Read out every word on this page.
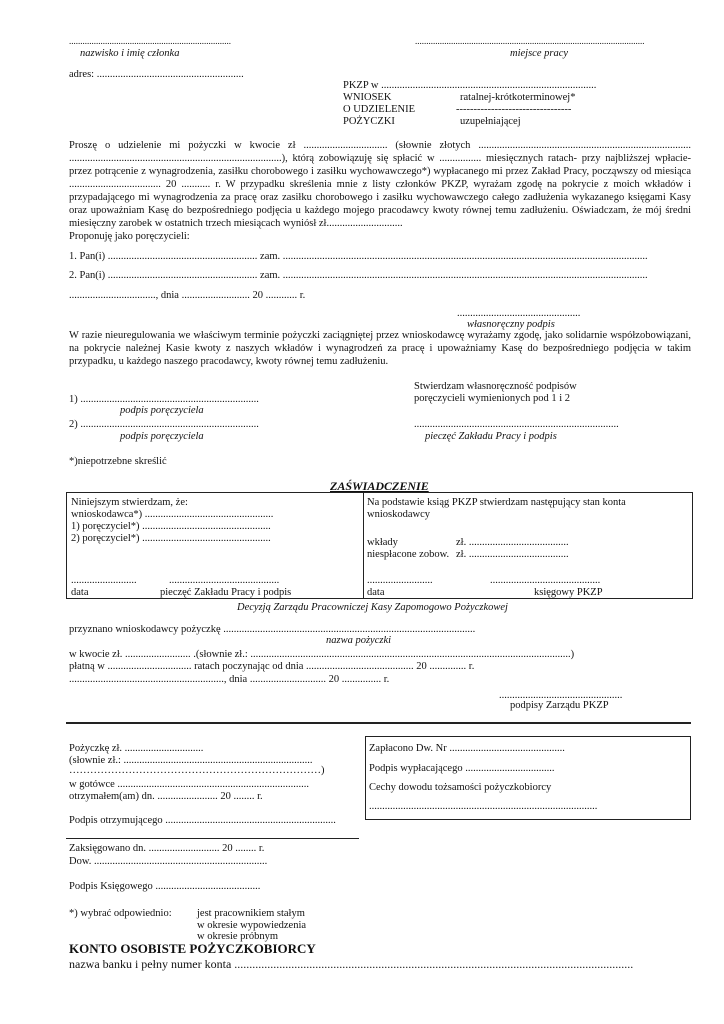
........................................................................	......................................................................................................
nazwisko i imię członka	miejsce pracy
adres: ........................................................
PKZP w ..................................................................................
WNIOSEK	ratalnej-krótkoterminowej*
O UDZIELENIE	---------------------------------
POŻYCZKI	uzupełniającej
Proszę o udzielenie mi pożyczki w kwocie zł ................................ (słownie złotych ................................................................................. .................................................................................), którą zobowiązuję się spłacić w ................ miesięcznych ratach- przy najbliższej wpłacie- przez potrącenie z wynagrodzenia, zasiłku chorobowego i zasiłku wychowawczego*) wypłacanego mi przez Zakład Pracy, począwszy od miesiąca ................................... 20 ........... r. W przypadku skreślenia mnie z listy członków PKZP, wyrażam zgodę na pokrycie z moich wkładów i przypadającego mi wynagrodzenia za pracę oraz zasiłku chorobowego i zasiłku wychowawczego całego zadłużenia wykazanego księgami Kasy oraz upoważniam Kasę do bezpośredniego podjęcia u każdego mojego pracodawcy kwoty równej temu zadłużeniu. Oświadczam, że mój średni miesięczny zarobek w ostatnich trzech miesiącach wyniósł zł.............................
Proponuję jako poręczycieli:
1. Pan(i) ......................................................... zam. ...........................................................................................................................................
2. Pan(i) ......................................................... zam. ...........................................................................................................................................
................................., dnia .......................... 20 ............ r.
...............................................
własnoręczny podpis
W razie nieuregulowania we właściwym terminie pożyczki zaciągniętej przez wnioskodawcę wyrażamy zgodę, jako solidarnie współzobowiązani, na pokrycie należnej Kasie kwoty z naszych wkładów i wynagrodzeń za pracę i upoważniamy Kasę do bezpośredniego podjęcia w takim przypadku, u każdego naszego pracodawcy, kwoty równej temu zadłużeniu.
Stwierdzam własnoręczność podpisów
poręczycieli wymienionych pod 1 i 2
1) ....................................................................
podpis poręczyciela
2) ....................................................................	..............................................................................
podpis poręczyciela	pieczęć Zakładu Pracy i podpis
*)niepotrzebne skreślić
ZAŚWIADCZENIE
Niniejszym stwierdzam, że:
wnioskodawca*) .................................................
1) poręczyciel*) .................................................
2) poręczyciel*) .................................................
.........................	..........................................
data	pieczęć Zakładu Pracy i podpis
Na podstawie ksiąg PKZP stwierdzam następujący stan konta
wnioskodawcy
wkłady	zł. ......................................
niespłacone zobow. zł. ......................................
.........................	..........................................
data	księgowy PKZP
Decyzją Zarządu Pracowniczej Kasy Zapomogowo Pożyczkowej
przyznano wnioskodawcy pożyczkę ................................................................................................
nazwa pożyczki
w kwocie zł. ......................... .(słownie zł.: ..........................................................................................................................)
płatną w ................................ ratach poczynając od dnia ......................................... 20 .............. r.
..........................................................., dnia ............................. 20 ............... r.
...............................................
podpisy Zarządu PKZP
Pożyczkę zł. ..............................
(słownie zł.: ........................................................................
………………………………………………………………)
w gotówce .........................................................................
otrzymałem(am) dn. ....................... 20 ........ r.
Podpis otrzymującego .................................................................
Zaksięgowano dn. ........................... 20 ........ r.
Dow. ..................................................................
Podpis Księgowego ........................................
*) wybrać odpowiednio: jest pracownikiem stałym
w okresie wypowiedzenia
w okresie próbnym
Zapłacono Dw. Nr ............................................
Podpis wypłacającego ..................................
Cechy dowodu tożsamości pożyczkobiorcy
.......................................................................................
KONTO OSOBISTE POŻYCZKOBIORCY
nazwa banku i pełny numer konta .....................................................................................................................................
